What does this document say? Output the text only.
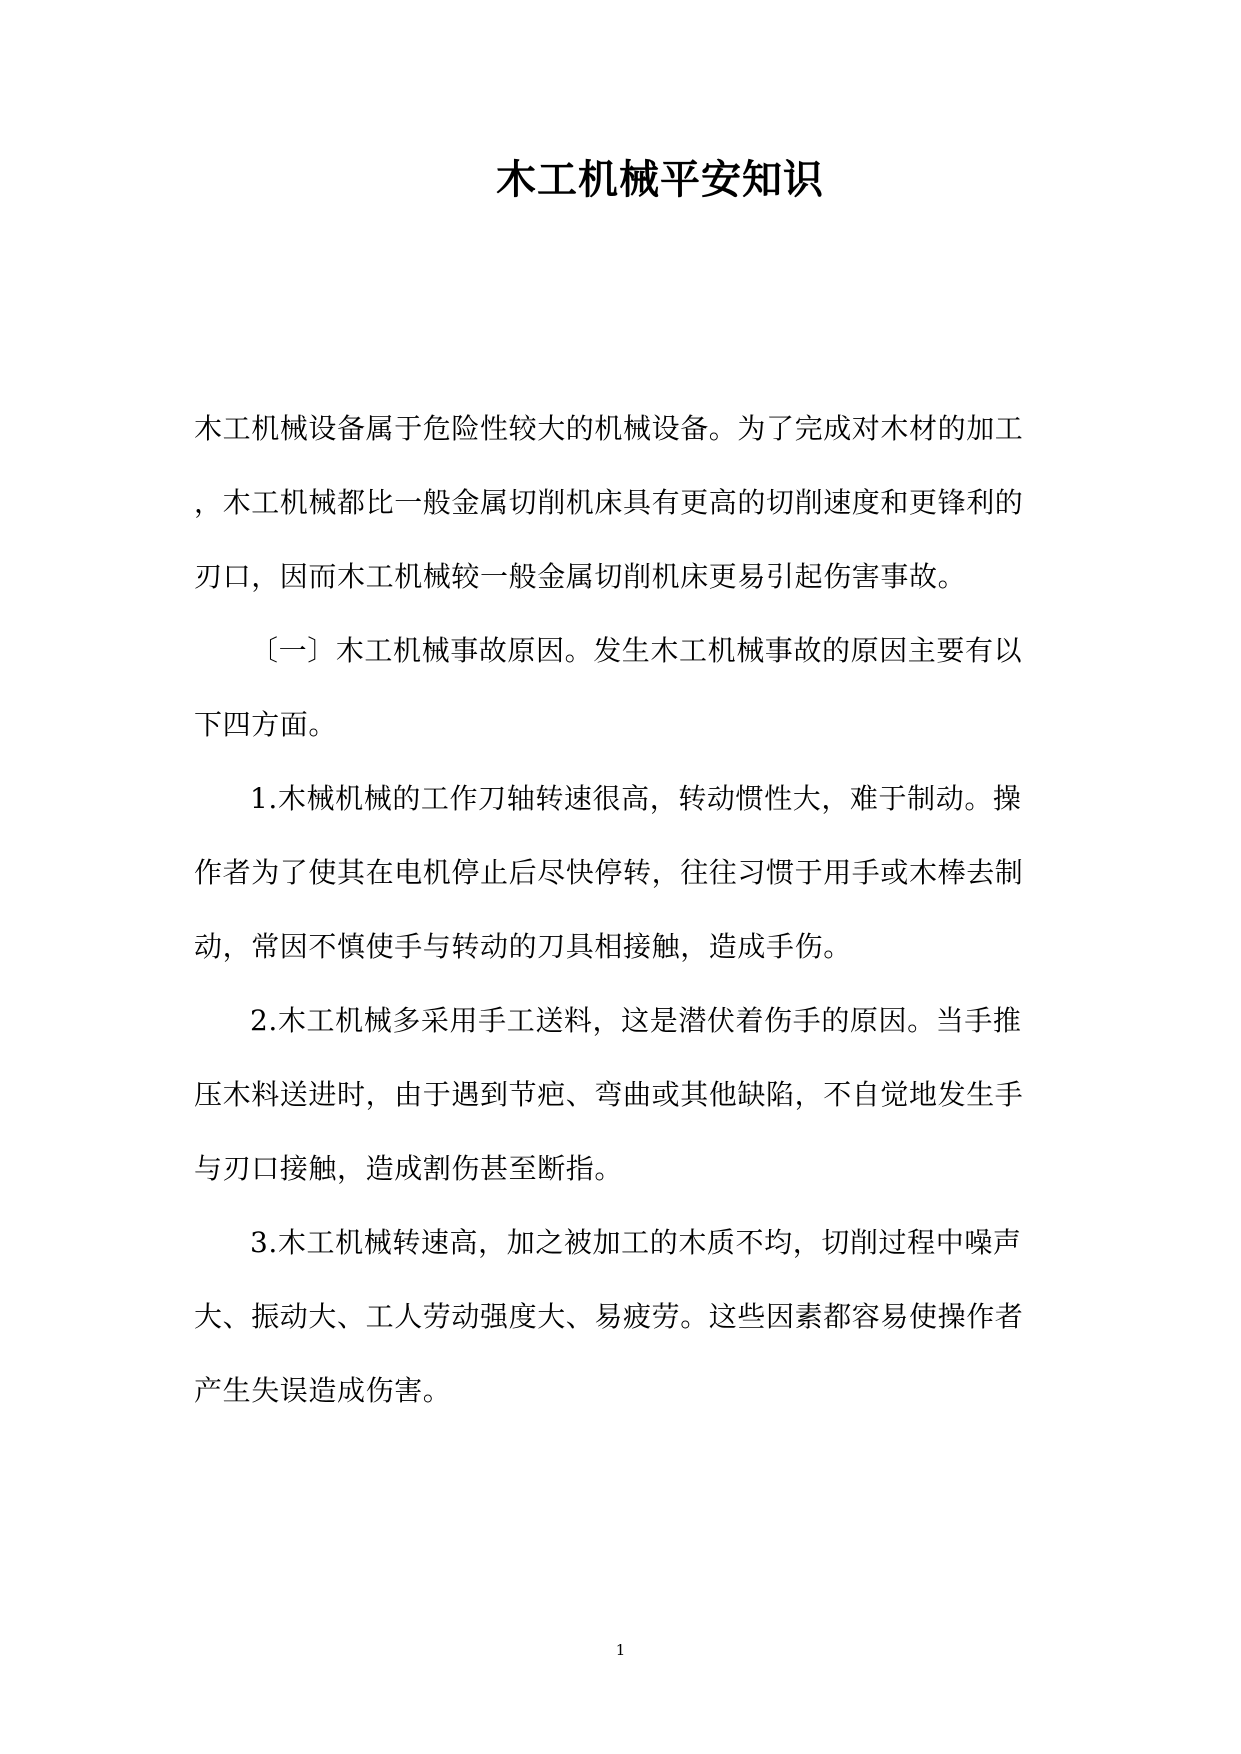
木工机械平安知识
木工机械设备属于危险性较大的机械设备。为了完成对木材的加工
，木工机械都比一般金属切削机床具有更高的切削速度和更锋利的
刃口，因而木工机械较一般金属切削机床更易引起伤害事故。
〔一〕木工机械事故原因。发生木工机械事故的原因主要有以
下四方面。
1.木械机械的工作刀轴转速很高，转动惯性大，难于制动。操
作者为了使其在电机停止后尽快停转，往往习惯于用手或木棒去制
动，常因不慎使手与转动的刀具相接触，造成手伤。
2.木工机械多采用手工送料，这是潜伏着伤手的原因。当手推
压木料送进时，由于遇到节疤、弯曲或其他缺陷，不自觉地发生手
与刃口接触，造成割伤甚至断指。
3.木工机械转速高，加之被加工的木质不均，切削过程中噪声
大、振动大、工人劳动强度大、易疲劳。这些因素都容易使操作者
产生失误造成伤害。
1
